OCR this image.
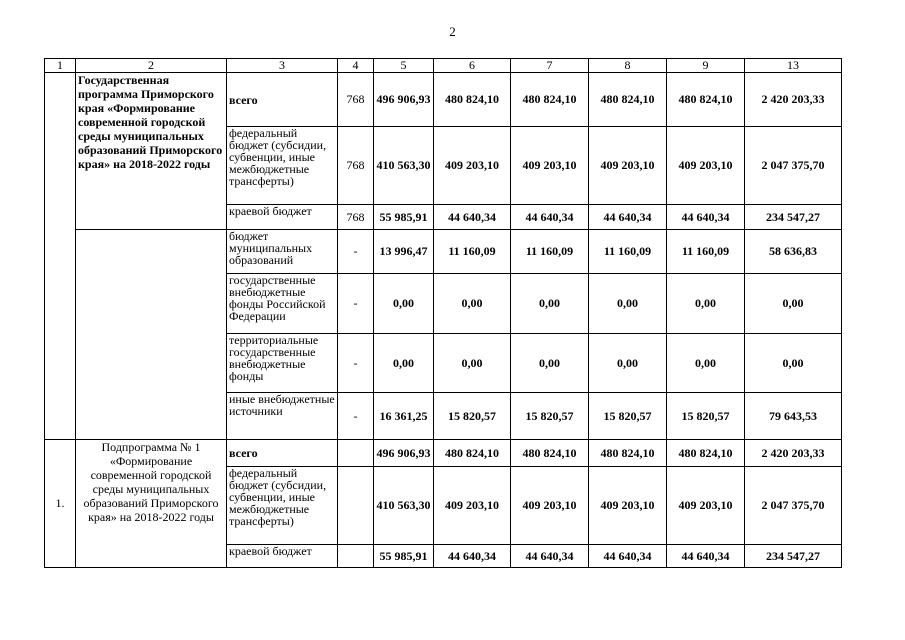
2
1	2	3	4	5	6	7	8	9	13
	Государственная программа Приморского края «Формирование современной городской среды муниципальных образований Приморского края» на 2018-2022 годы	всего	768	496 906,93	480 824,10	480 824,10	480 824,10	480 824,10	2 420 203,33
		федеральный бюджет (субсидии, субвенции, иные межбюджетные трансферты)	768	410 563,30	409 203,10	409 203,10	409 203,10	409 203,10	2 047 375,70
		краевой бюджет	768	55 985,91	44 640,34	44 640,34	44 640,34	44 640,34	234 547,27
		бюджет муниципальных образований	-	13 996,47	11 160,09	11 160,09	11 160,09	11 160,09	58 636,83
		государственные внебюджетные фонды Российской Федерации	-	0,00	0,00	0,00	0,00	0,00	0,00
		территориальные государственные внебюджетные фонды	-	0,00	0,00	0,00	0,00	0,00	0,00
		иные внебюджетные источники	-	16 361,25	15 820,57	15 820,57	15 820,57	15 820,57	79 643,53
1.	Подпрограмма № 1 «Формирование современной городской среды муниципальных образований Приморского края» на 2018-2022 годы	всего		496 906,93	480 824,10	480 824,10	480 824,10	480 824,10	2 420 203,33
		федеральный бюджет (субсидии, субвенции, иные межбюджетные трансферты)		410 563,30	409 203,10	409 203,10	409 203,10	409 203,10	2 047 375,70
		краевой бюджет		55 985,91	44 640,34	44 640,34	44 640,34	44 640,34	234 547,27
